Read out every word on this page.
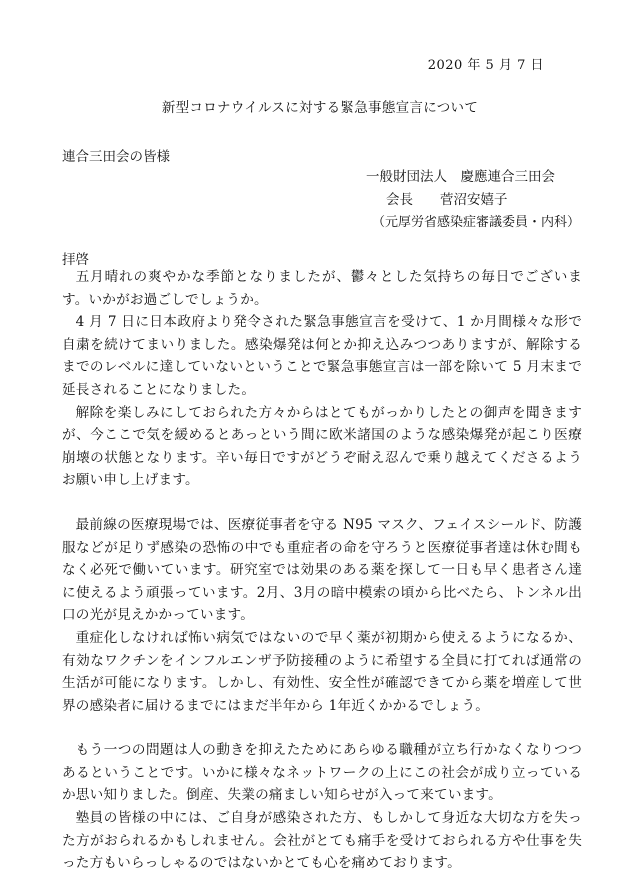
2020 年 5 月 7 日
新型コロナウイルスに対する緊急事態宣言について
連合三田会の皆様
一般財団法人　慶應連合三田会
会長　　菅沼安嬉子
（元厚労省感染症審議委員・内科）
拝啓

五月晴れの爽やかな季節となりましたが、鬱々とした気持ちの毎日でございます。いかがお過ごしでしょうか。

4 月 7 日に日本政府より発令された緊急事態宣言を受けて、1 か月間様々な形で自粛を続けてまいりました。感染爆発は何とか抑え込みつつありますが、解除するまでのレベルに達していないということで緊急事態宣言は一部を除いて 5 月末まで延長されることになりました。

解除を楽しみにしておられた方々からはとてもがっかりしたとの御声を聞きますが、今ここで気を緩めるとあっという間に欧米諸国のような感染爆発が起こり医療崩壊の状態となります。辛い毎日ですがどうぞ耐え忍んで乗り越えてくださるようお願い申し上げます。

最前線の医療現場では、医療従事者を守る N95 マスク、フェイスシールド、防護服などが足りず感染の恐怖の中でも重症者の命を守ろうと医療従事者達は休む間もなく必死で働いています。研究室では効果のある薬を探して一日も早く患者さん達に使えるよう頑張っています。2月、3月の暗中模索の頃から比べたら、トンネル出口の光が見えかかっています。

重症化しなければ怖い病気ではないので早く薬が初期から使えるようになるか、有効なワクチンをインフルエンザ予防接種のように希望する全員に打てれば通常の生活が可能になります。しかし、有効性、安全性が確認できてから薬を増産して世界の感染者に届けるまでにはまだ半年から 1年近くかかるでしょう。

もう一つの問題は人の動きを抑えたためにあらゆる職種が立ち行かなくなりつつあるということです。いかに様々なネットワークの上にこの社会が成り立っているか思い知りました。倒産、失業の痛ましい知らせが入って来ています。

塾員の皆様の中には、ご自身が感染された方、もしかして身近な大切な方を失った方がおられるかもしれません。会社がとても痛手を受けておられる方や仕事を失った方もいらっしゃるのではないかとても心を痛めております。
